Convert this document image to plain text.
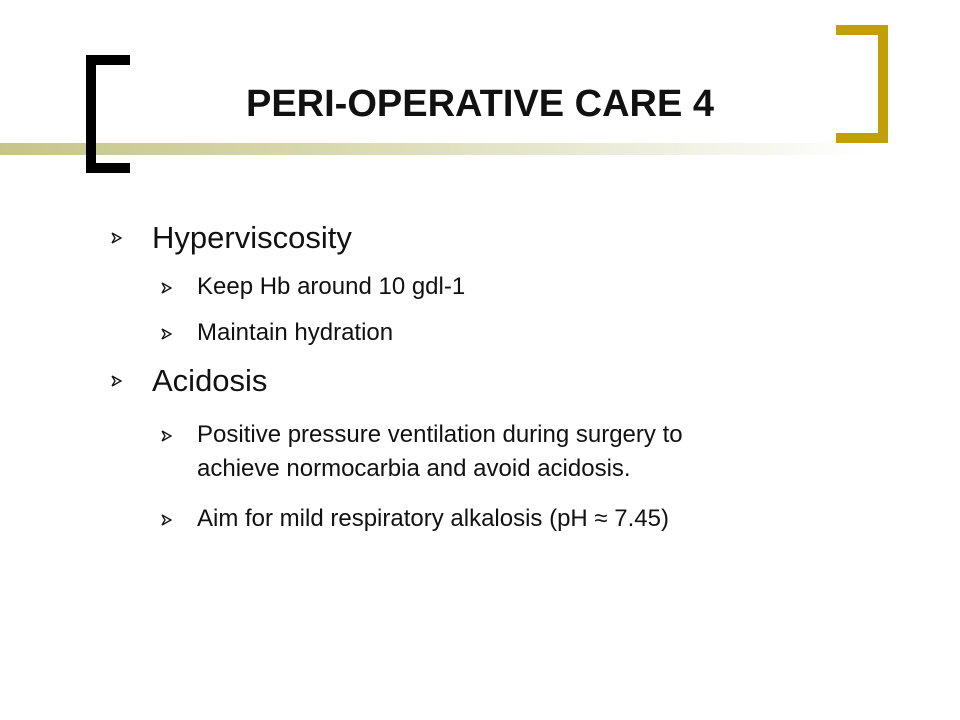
PERI-OPERATIVE CARE 4
Hyperviscosity
Keep Hb around 10 gdl-1
Maintain hydration
Acidosis
Positive pressure ventilation during surgery to
achieve normocarbia and avoid acidosis.
Aim for mild respiratory alkalosis (pH ≈ 7.45)
